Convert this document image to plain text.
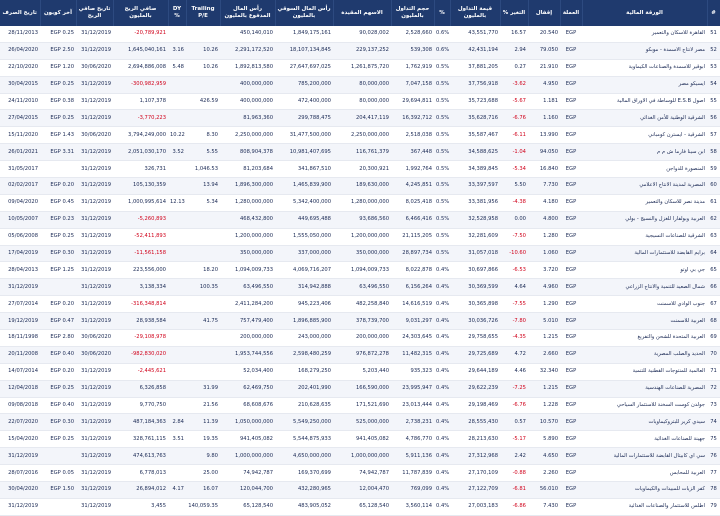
#	الورقة المالية	العملة	إقفال	التغير %	قيمة التداول بالمليون	%	حجم التداول بالمليون	الاسهم المقيدة	رأس المال السوقي بالمليون	رأس المال المدفوع بالمليون	Trailing P/E	DY %	صافي الربح بالمليون	تاريخ صافي الربح	آخر كوبون	تاريخ الصرف
51	القاهرة للاسكان والتعمير	EGP	20.540	16.57	43,551,770	0.6%	2,528,660	90,028,002	1,849,175,161	450,140,010			-20,789,921	31/12/2019	EGP 0.25	28/11/2013
52	مصر لانتاج الاسمدة - موبكو	EGP	79.050	2.94	42,431,194	0.6%	539,308	229,137,252	18,107,134,845	2,291,172,520	10.26	3.16	1,645,040,161	31/12/2019	EGP 2.50	26/04/2020
53	ابوقير للاسمدة والصناعات الكيماوية	EGP	21.910	0.27	37,881,205	0.5%	1,762,919	1,261,875,720	27,647,697,025	1,892,813,580	10.26	5.48	2,694,886,008	30/06/2020	EGP 1.20	22/10/2020
54	ايسيكو مصر	EGP	4.950	-3.62	37,756,918	0.5%	7,047,158	80,000,000	785,200,000	400,000,000			-300,982,959	31/12/2019	EGP 0.25	30/04/2015
55	اصول E.S.B للوساطة في الاوراق المالية	EGP	1.181	-5.67	35,723,688	0.5%	29,694,811	80,000,000	472,400,000	400,000,000	426.59		1,107,378	31/12/2019	EGP 0.38	24/11/2010
56	الشرقية الوطنية للأمن الغذائي	EGP	1.160	-6.76	35,628,716	0.5%	16,392,712	204,417,119	299,788,475	81,963,360			-3,770,223	31/12/2019	EGP 0.25	27/04/2015
57	الشرقية - ايسترن كومباني	EGP	13.990	-6.11	35,587,467	0.5%	2,518,038	2,250,000,000	31,477,500,000	2,250,000,000	8.30	10.22	3,794,249,000	30/06/2020	EGP 1.43	15/11/2020
58	ابن سينا فارما ش م م	EGP	94.050	-1.04	34,588,625	0.5%	367,448	116,761,379	10,981,407,695	808,904,378	5.55	3.52	2,051,030,170	31/12/2019	EGP 3.31	26/01/2021
59	المنصورة للدواجن	EGP	16.840	-5.34	34,389,845	0.5%	1,992,764	20,300,921	341,867,510	81,203,684	1,046.53		326,731	31/12/2019		31/05/2017
60	المصرية لمدينة الانتاج الاعلامي	EGP	7.730	5.50	33,397,597	0.5%	4,245,851	189,630,000	1,465,839,900	1,896,300,000	13.94		105,130,359	31/12/2019	EGP 0.20	02/02/2017
61	مدينة نصر للاسكان والتعمير	EGP	4.180	-4.38	33,381,956	0.5%	8,025,418	1,280,000,000	5,342,400,000	1,280,000,000	5.34	12.13	1,000,995,614	31/12/2019	EGP 0.45	09/04/2020
62	العربية وبولفارا للغزل والنسيج - بولي	EGP	4.800	0.00	32,528,958	0.5%	6,466,416	93,686,560	449,695,488	468,432,800			-5,260,893	31/12/2019	EGP 0.23	10/05/2007
63	الشرقية للصناعات النسيجية	EGP	1.280	-7.50	32,281,609	0.5%	21,115,205	1,200,000,000	1,555,050,000	1,200,000,000			-52,411,893	31/12/2019	EGP 0.25	05/06/2008
64	برايم القابضة للاستثمارات المالية	EGP	1.060	-10.60	31,057,018	0.5%	28,897,734	350,000,000	337,000,000	350,000,000			-11,561,158	31/12/2019	EGP 0.30	17/04/2019
65	جي بي اوتو	EGP	3.720	-6.53	30,697,866	0.4%	8,022,878	1,094,009,733	4,069,716,207	1,094,009,733	18.20		223,556,000	31/12/2019	EGP 1.25	28/04/2013
66	شمال الصعيد للتنمية والانتاج الزراعي	EGP	4.960	4.64	30,369,599	0.4%	6,156,264	63,496,550	314,942,888	63,496,550	100.35		3,138,334	31/12/2019		31/12/2019
67	جنوب الوادي للاسمنت	EGP	1.290	-7.55	30,365,898	0.4%	14,616,519	482,258,840	945,223,406	2,411,284,200			-316,348,814	31/12/2019	EGP 0.20	27/07/2014
68	العربية للاسمنت	EGP	5.010	-7.80	30,036,726	0.4%	9,031,297	378,739,700	1,896,885,900	757,479,400	41.75		28,938,584	31/12/2019	EGP 0.47	19/12/2019
69	العربية المتحدة للشحن والتفريغ	EGP	1.215	-4.35	29,758,655	0.4%	24,303,645	200,000,000	243,000,000	200,000,000			-29,108,978	30/06/2020	EGP 2.80	18/11/1998
70	الحديد والصلب المصرية	EGP	2.660	4.72	29,725,689	0.4%	11,482,315	976,872,278	2,598,480,259	1,953,744,556			-982,830,020	30/06/2020	EGP 0.40	20/11/2008
71	العالمية للمنتوجات القطنية للتنمية	EGP	32.340	4.46	29,644,189	0.4%	935,323	5,203,440	168,279,250	52,034,400			-2,445,621	31/12/2019	EGP 0.20	14/07/2014
72	المصرية للصناعات الهندسية	EGP	1.215	-7.25	29,622,239	0.4%	23,995,947	166,590,000	202,401,990	62,469,750	31.99		6,326,858	31/12/2019	EGP 0.25	12/04/2018
73	جولدن كوست السخنة للاستثمار السياحي	EGP	1.228	-6.76	29,198,469	0.4%	23,013,444	171,521,690	210,628,635	68,608,676	21.56		9,770,750	31/12/2019	EGP 0.40	09/08/2018
74	سيدي كرير للبتروكيماويات	EGP	10.570	0.57	28,555,430	0.4%	2,738,231	525,000,000	5,549,250,000	1,050,000,000	11.39	2.84	487,184,363	31/12/2019	EGP 0.30	22/07/2020
75	جهينة للصناعات الغذائية	EGP	5.890	-5.17	28,213,630	0.4%	4,786,770	941,405,082	5,544,875,933	941,405,082	19.35	3.51	328,761,115	31/12/2019	EGP 0.25	15/04/2020
76	سي اي كابيتال القابضة للاستثمارات المالية	EGP	4.650	2.42	27,312,968	0.4%	5,911,136	1,000,000,000	4,650,000,000	1,000,000,000	9.80		474,613,763	31/12/2019		31/12/2019
77	العربية للمحابس	EGP	2.260	-0.88	27,170,109	0.4%	11,787,839	74,942,787	169,370,699	74,942,787	25.00		6,778,013	31/12/2019	EGP 0.05	28/07/2016
78	كفر الزيات للمبيدات والكيماويات	EGP	56.010	-6.81	27,122,709	0.4%	769,099	12,004,470	432,280,965	120,044,700	16.07	4.17	26,894,012	31/12/2019	EGP 1.50	30/04/2020
79	اطلس للاستثمار والصناعات الغذائية	EGP	7.430	-6.86	27,003,183	0.4%	3,560,114	65,128,540	483,905,052	65,128,540	140,059.35		3,455	31/12/2019		31/12/2019
